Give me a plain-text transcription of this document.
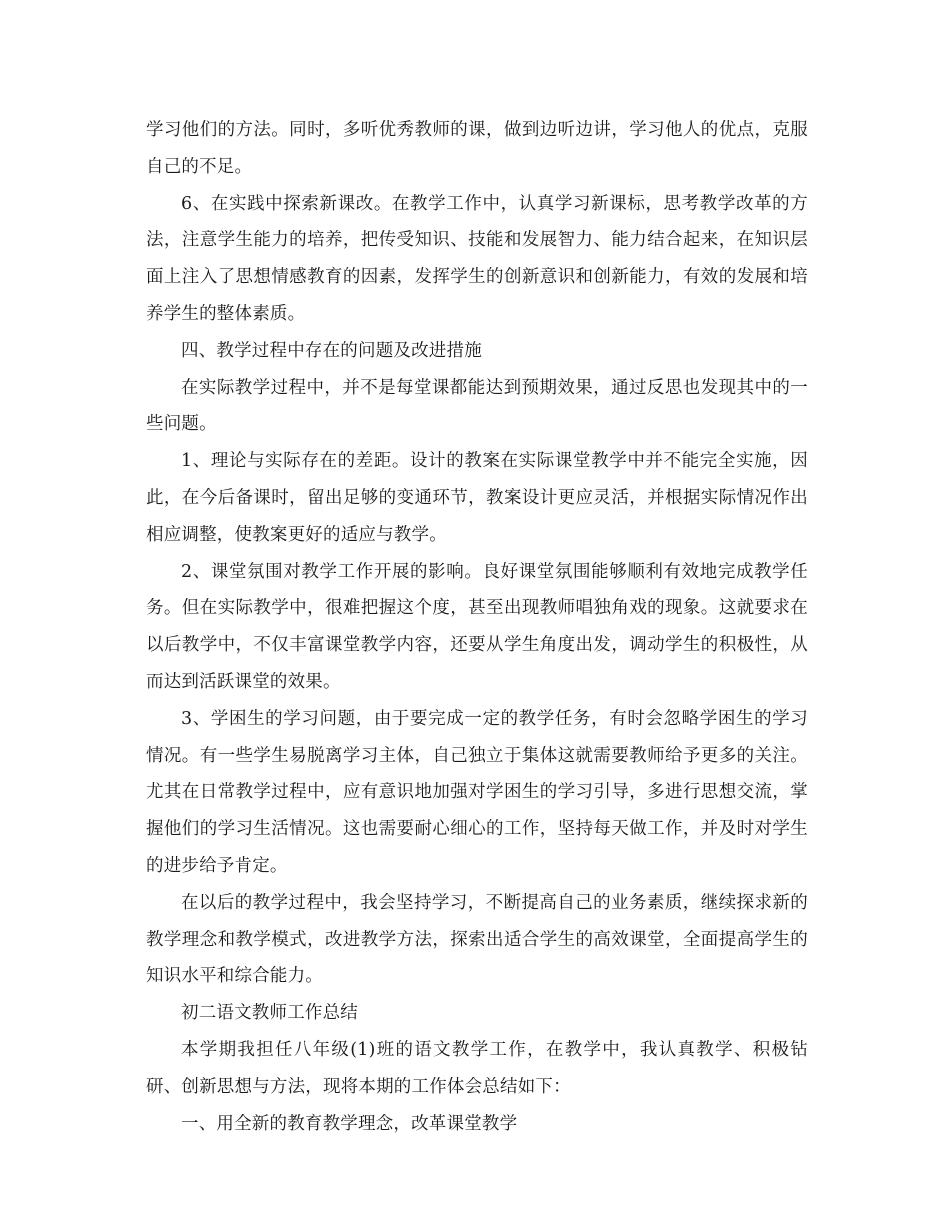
学习他们的方法。同时，多听优秀教师的课，做到边听边讲，学习他人的优点，克服自己的不足。

6、在实践中探索新课改。在教学工作中，认真学习新课标，思考教学改革的方法，注意学生能力的培养，把传受知识、技能和发展智力、能力结合起来，在知识层面上注入了思想情感教育的因素，发挥学生的创新意识和创新能力，有效的发展和培养学生的整体素质。

四、教学过程中存在的问题及改进措施

在实际教学过程中，并不是每堂课都能达到预期效果，通过反思也发现其中的一些问题。

1、理论与实际存在的差距。设计的教案在实际课堂教学中并不能完全实施，因此，在今后备课时，留出足够的变通环节，教案设计更应灵活，并根据实际情况作出相应调整，使教案更好的适应与教学。

2、课堂氛围对教学工作开展的影响。良好课堂氛围能够顺利有效地完成教学任务。但在实际教学中，很难把握这个度，甚至出现教师唱独角戏的现象。这就要求在以后教学中，不仅丰富课堂教学内容，还要从学生角度出发，调动学生的积极性，从而达到活跃课堂的效果。

3、学困生的学习问题，由于要完成一定的教学任务，有时会忽略学困生的学习情况。有一些学生易脱离学习主体，自己独立于集体这就需要教师给予更多的关注。尤其在日常教学过程中，应有意识地加强对学困生的学习引导，多进行思想交流，掌握他们的学习生活情况。这也需要耐心细心的工作，坚持每天做工作，并及时对学生的进步给予肯定。

在以后的教学过程中，我会坚持学习，不断提高自己的业务素质，继续探求新的教学理念和教学模式，改进教学方法，探索出适合学生的高效课堂，全面提高学生的知识水平和综合能力。

初二语文教师工作总结

本学期我担任八年级(1)班的语文教学工作，在教学中，我认真教学、积极钻研、创新思想与方法，现将本期的工作体会总结如下：

一、用全新的教育教学理念，改革课堂教学
